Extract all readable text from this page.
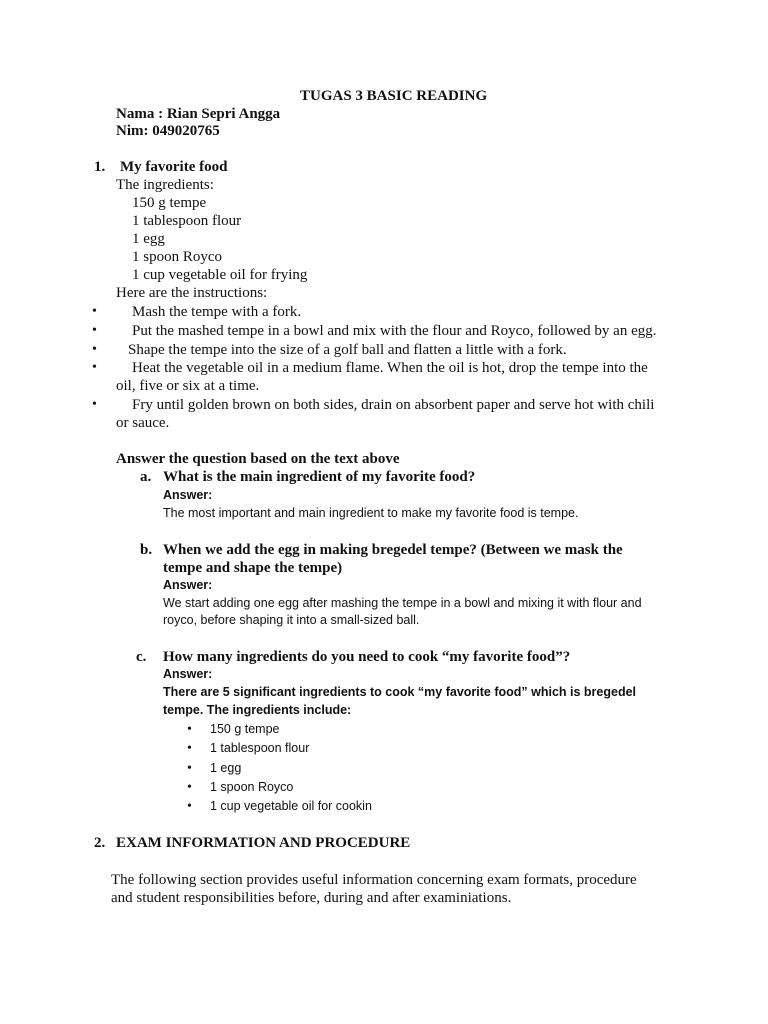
TUGAS 3 BASIC READING
Nama : Rian Sepri Angga
Nim: 049020765
1. My favorite food
The ingredients:
150 g tempe
1 tablespoon flour
1 egg
1 spoon Royco
1 cup vegetable oil for frying
Here are the instructions:
• Mash the tempe with a fork.
• Put the mashed tempe in a bowl and mix with the flour and Royco, followed by an egg.
• Shape the tempe into the size of a golf ball and flatten a little with a fork.
• Heat the vegetable oil in a medium flame. When the oil is hot, drop the tempe into the
oil, five or six at a time.
• Fry until golden brown on both sides, drain on absorbent paper and serve hot with chili
or sauce.
Answer the question based on the text above
a. What is the main ingredient of my favorite food?
Answer:
The most important and main ingredient to make my favorite food is tempe.
b. When we add the egg in making bregedel tempe? (Between we mask the
tempe and shape the tempe)
Answer:
We start adding one egg after mashing the tempe in a bowl and mixing it with flour and
royco, before shaping it into a small-sized ball.
c. How many ingredients do you need to cook “my favorite food”?
Answer:
There are 5 significant ingredients to cook “my favorite food” which is bregedel
tempe. The ingredients include:
• 150 g tempe
• 1 tablespoon flour
• 1 egg
• 1 spoon Royco
• 1 cup vegetable oil for cookin
2. EXAM INFORMATION AND PROCEDURE
The following section provides useful information concerning exam formats, procedure
and student responsibilities before, during and after examiniations.
